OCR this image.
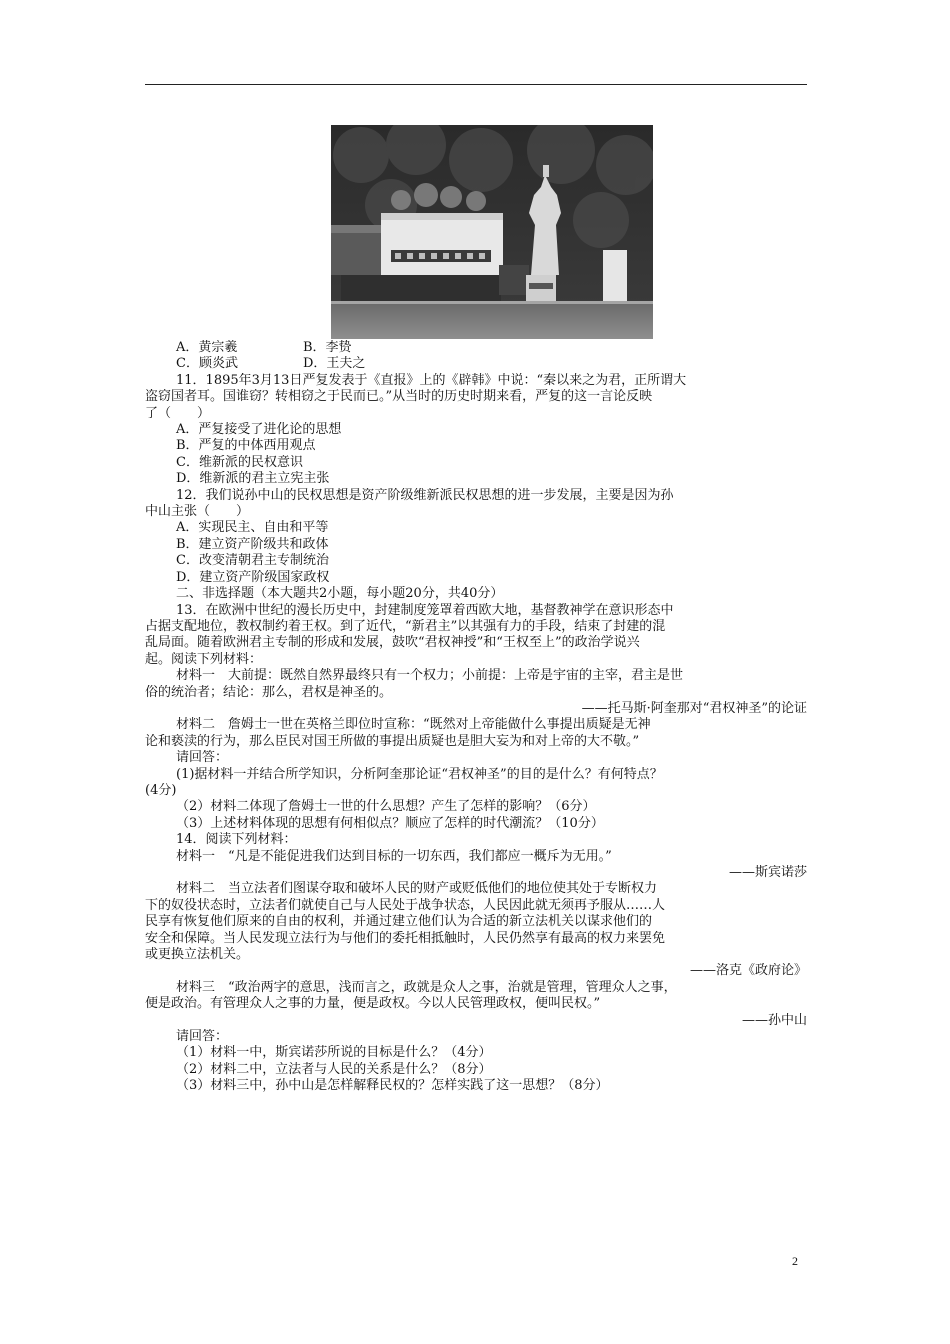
A．黄宗羲	B．李贽

C．顾炎武	D．王夫之

11．1895年3月13日严复发表于《直报》上的《辟韩》中说：“秦以来之为君，正所谓大

盗窃国者耳。国谁窃？转相窃之于民而已。”从当时的历史时期来看，严复的这一言论反映

了（　　）

A．严复接受了进化论的思想

B．严复的中体西用观点

C．维新派的民权意识

D．维新派的君主立宪主张

12．我们说孙中山的民权思想是资产阶级维新派民权思想的进一步发展，主要是因为孙

中山主张（　　）

A．实现民主、自由和平等

B．建立资产阶级共和政体

C．改变清朝君主专制统治

D．建立资产阶级国家政权

二、非选择题（本大题共2小题，每小题20分，共40分）

13．在欧洲中世纪的漫长历史中，封建制度笼罩着西欧大地，基督教神学在意识形态中

占据支配地位，教权制约着王权。到了近代，“新君主”以其强有力的手段，结束了封建的混

乱局面。随着欧洲君主专制的形成和发展，鼓吹“君权神授”和“王权至上”的政治学说兴

起。阅读下列材料：

材料一　大前提：既然自然界最终只有一个权力；小前提：上帝是宇宙的主宰，君主是世

俗的统治者；结论：那么，君权是神圣的。

——托马斯·阿奎那对“君权神圣”的论证

材料二　詹姆士一世在英格兰即位时宣称：“既然对上帝能做什么事提出质疑是无神

论和亵渎的行为，那么臣民对国王所做的事提出质疑也是胆大妄为和对上帝的大不敬。”

请回答：

(1)据材料一并结合所学知识，分析阿奎那论证“君权神圣”的目的是什么？有何特点？

(4分)

（2）材料二体现了詹姆士一世的什么思想？产生了怎样的影响？（6分）

（3）上述材料体现的思想有何相似点？顺应了怎样的时代潮流？（10分）

14．阅读下列材料：

材料一　“凡是不能促进我们达到目标的一切东西，我们都应一概斥为无用。”

——斯宾诺莎

材料二　当立法者们图谋夺取和破坏人民的财产或贬低他们的地位使其处于专断权力

下的奴役状态时，立法者们就使自己与人民处于战争状态，人民因此就无须再予服从……人

民享有恢复他们原来的自由的权利，并通过建立他们认为合适的新立法机关以谋求他们的

安全和保障。当人民发现立法行为与他们的委托相抵触时，人民仍然享有最高的权力来罢免

或更换立法机关。

——洛克《政府论》

材料三　“政治两字的意思，浅而言之，政就是众人之事，治就是管理，管理众人之事，

便是政治。有管理众人之事的力量，便是政权。今以人民管理政权，便叫民权。”

——孙中山

请回答：

（1）材料一中，斯宾诺莎所说的目标是什么？（4分）

（2）材料二中，立法者与人民的关系是什么？（8分）

（3）材料三中，孙中山是怎样解释民权的？怎样实践了这一思想？（8分）

2
